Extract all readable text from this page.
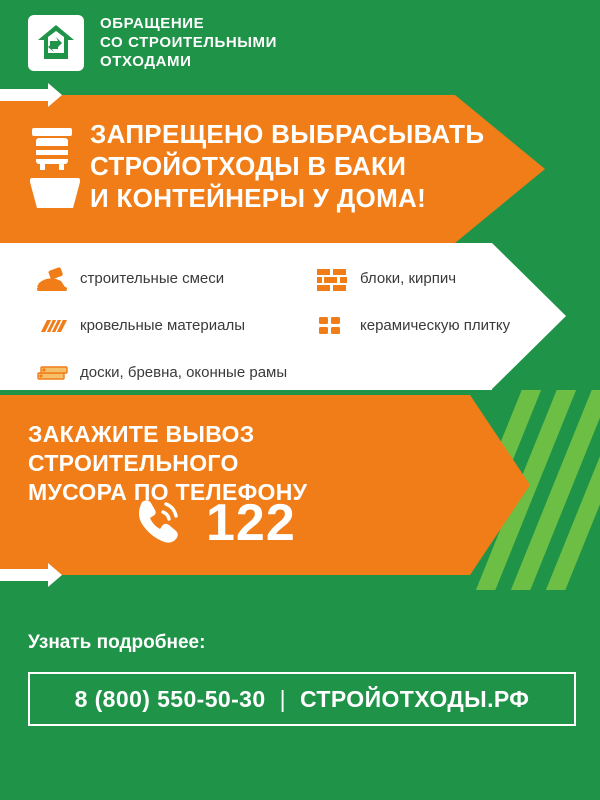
ОБРАЩЕНИЕ
СО СТРОИТЕЛЬНЫМИ
ОТХОДАМИ
ЗАПРЕЩЕНО ВЫБРАСЫВАТЬ
СТРОЙОТХОДЫ В БАКИ
И КОНТЕЙНЕРЫ У ДОМА!
строительные смеси	блоки, кирпич
кровельные материалы	керамическую плитку
доски, бревна, оконные рамы
ЗАКАЖИТЕ ВЫВОЗ СТРОИТЕЛЬНОГО
МУСОРА ПО ТЕЛЕФОНУ
122
Узнать подробнее:
8 (800) 550-50-30 | СТРОЙОТХОДЫ.РФ
